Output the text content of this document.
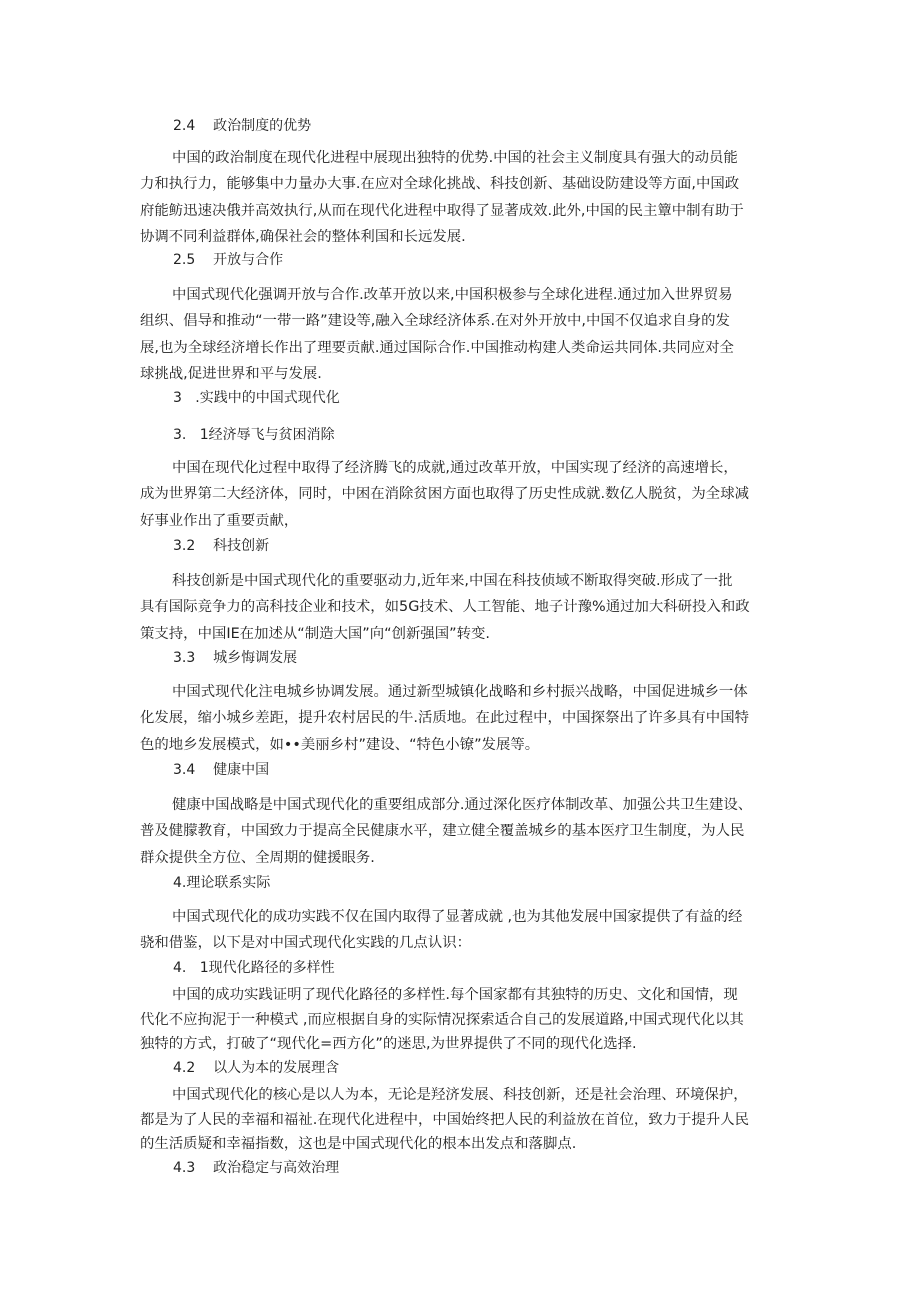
2.4    政治制度的优势
中国的政治制度在现代化进程中展现出独特的优势.中国的社会主义制度具有强大的动员能
力和执行力，能够集中力量办大事.在应对全球化挑战、科技创新、基础设防建设等方面,中国政
府能鲂迅速决俄并高效执行,从而在现代化进程中取得了显著成效.此外,中国的民主簟中制有助于
协调不同利益群体,确保社会的整体利国和长远发展.
2.5    开放与合作
中国式现代化强调开放与合作.改革开放以来,中国积极参与全球化进程.通过加入世界贸易
组织、倡导和推动“一带一路”建设等,融入全球经济体系.在对外开放中,中国不仅追求自身的发
展,也为全球经济增长作出了理要贡献.通过国际合作.中国推动构建人类命运共同体.共同应对全
球挑战,促进世界和平与发展.
3   .实践中的中国式现代化
3.   1经济辱飞与贫困消除
中国在现代化过程中取得了经济腾飞的成就,通过改革开放，中国实现了经济的高速增长，
成为世界第二大经济体，同时，中困在消除贫困方面也取得了历史性成就.数亿人脱贫，为全球减
好事业作出了重要贡献，
3.2    科技创新
科技创新是中国式现代化的重要驱动力,近年来,中国在科技侦域不断取得突破.形成了一批
具有国际竞争力的高科技企业和技术，如5G技术、人工智能、地子计豫%通过加大科研投入和政
策支持，中国IE在加述从“制造大国”向“创新强国”转变.
3.3    城乡悔调发展
中国式现代化注电城乡协调发展。通过新型城镇化战略和乡村振兴战略，中国促进城乡一体
化发展，缩小城乡差距，提升农村居民的牛.活质地。在此过程中，中国探祭出了许多具有中国特
色的地乡发展模式，如••美丽乡村”建设、“特色小镣”发展等。
3.4    健康中国
健康中国战略是中国式现代化的重要组成部分.通过深化医疗体制改革、加强公共卫生建设、
普及健朦教育，中国致力于提高全民健康水平，建立健全覆盖城乡的基本医疗卫生制度，为人民
群众提供全方位、全周期的健援眼务.
4.理论联系实际
中国式现代化的成功实践不仅在国内取得了显著成就 ,也为其他发展中国家提供了有益的经
骁和借鉴，以下是对中国式现代化实践的几点认识：
4.   1现代化路径的多样性
中国的成功实践证明了现代化路径的多样性.每个国家都有其独特的历史、文化和国情，现
代化不应拘泥于一种模式 ,而应根据自身的实际情况探索适合自己的发展道路,中国式现代化以其
独特的方式，打破了“现代化=西方化”的迷思,为世界提供了不同的现代化选择.
4.2    以人为本的发展理含
中国式现代化的核心是以人为本，无论是羟济发展、科技创新，还是社会治理、环境保护，
都是为了人民的幸福和福祉.在现代化进程中，中国始终把人民的利益放在首位，致力于提升人民
的生活质疑和幸福指数，这也是中国式现代化的根本出发点和落脚点.
4.3    政治稳定与高效治理
